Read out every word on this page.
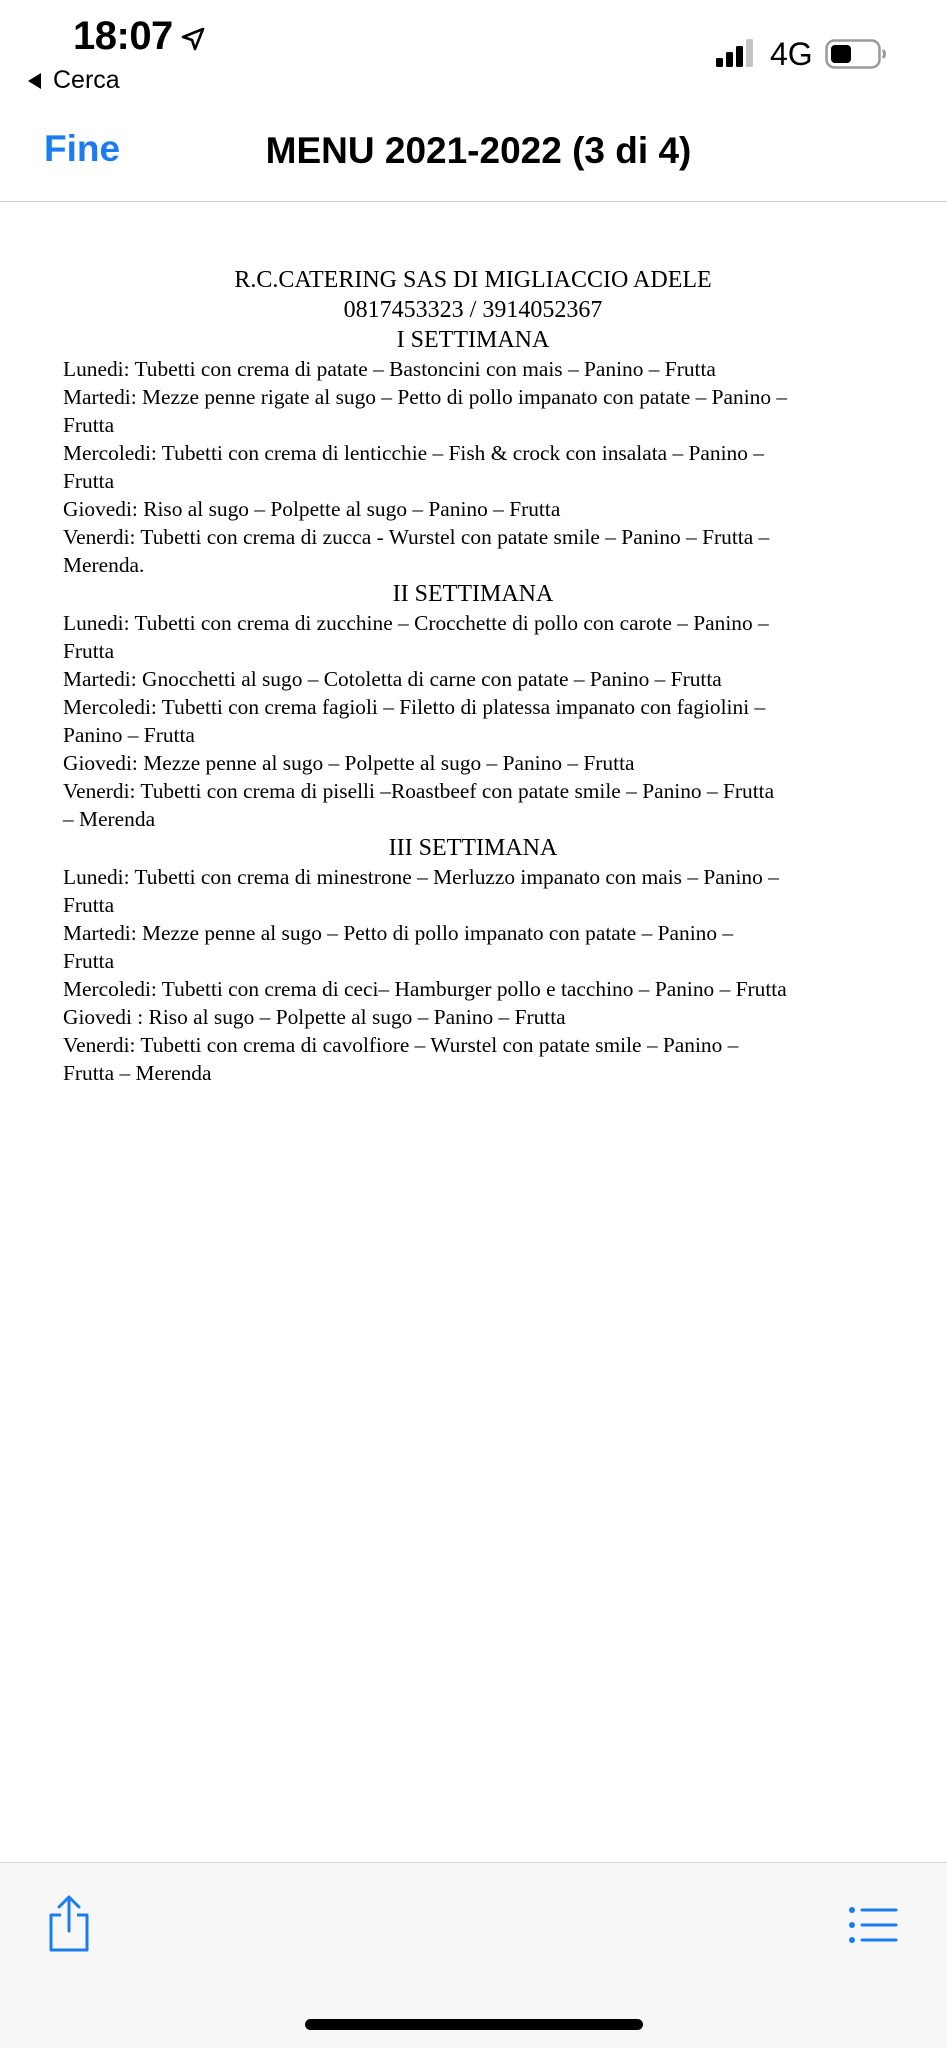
18:07
Cerca
4G
Fine	MENU 2021-2022 (3 di 4)
R.C.CATERING SAS DI MIGLIACCIO ADELE
0817453323 / 3914052367
I SETTIMANA
Lunedi: Tubetti con crema di patate – Bastoncini con mais – Panino – Frutta
Martedi: Mezze penne rigate al sugo – Petto di pollo impanato con patate – Panino –
Frutta
Mercoledi: Tubetti con crema di lenticchie – Fish & crock con insalata – Panino –
Frutta
Giovedi: Riso al sugo – Polpette al sugo – Panino – Frutta
Venerdi: Tubetti con crema di zucca - Wurstel con patate smile – Panino – Frutta –
Merenda.
II SETTIMANA
Lunedi: Tubetti con crema di zucchine – Crocchette di pollo con carote – Panino –
Frutta
Martedi: Gnocchetti al sugo – Cotoletta di carne con patate – Panino – Frutta
Mercoledi: Tubetti con crema fagioli – Filetto di platessa impanato con fagiolini –
Panino – Frutta
Giovedi: Mezze penne al sugo – Polpette al sugo – Panino – Frutta
Venerdi: Tubetti con crema di piselli –Roastbeef con patate smile – Panino – Frutta
– Merenda
III SETTIMANA
Lunedi: Tubetti con crema di minestrone – Merluzzo impanato con mais – Panino –
Frutta
Martedi: Mezze penne al sugo – Petto di pollo impanato con patate – Panino –
Frutta
Mercoledi: Tubetti con crema di ceci– Hamburger pollo e tacchino – Panino – Frutta
Giovedi : Riso al sugo – Polpette al sugo – Panino – Frutta
Venerdi: Tubetti con crema di cavolfiore – Wurstel con patate smile – Panino –
Frutta – Merenda
